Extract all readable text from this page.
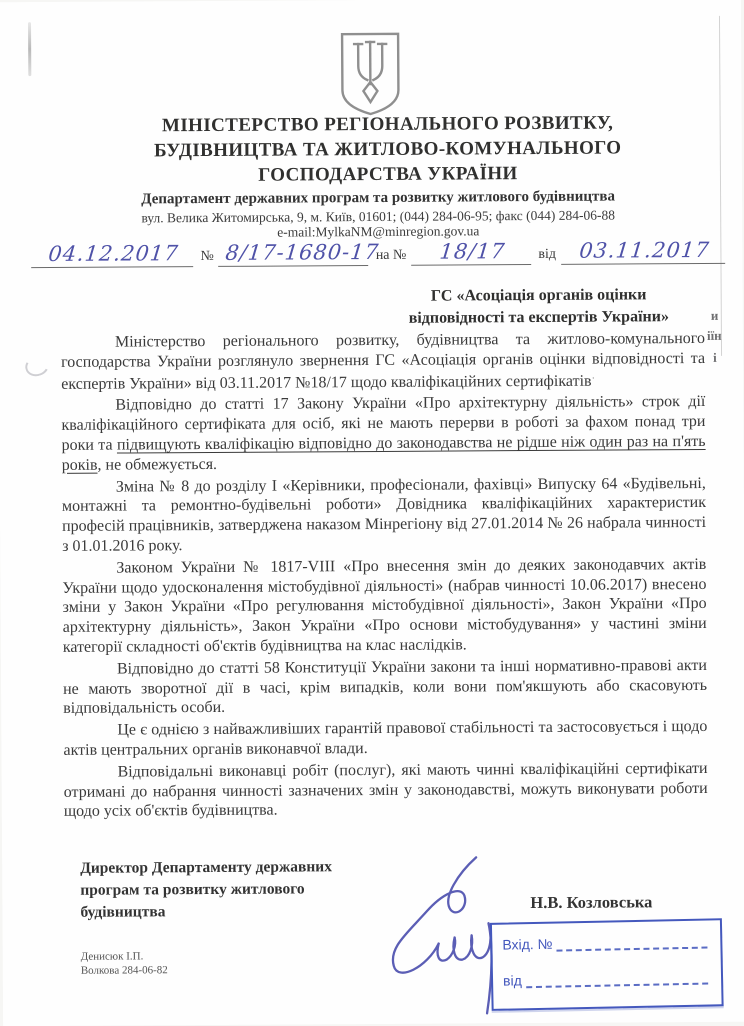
МІНІСТЕРСТВО РЕГІОНАЛЬНОГО РОЗВИТКУ,
БУДІВНИЦТВА ТА ЖИТЛОВО-КОМУНАЛЬНОГО
ГОСПОДАРСТВА УКРАЇНИ
Департамент державних програм та розвитку житлового будівництва
вул. Велика Житомирська, 9, м. Київ, 01601; (044) 284-06-95; факс (044) 284-06-88
e-mail:MylkaNM@minregion.gov.ua
04.12.2017	№ 8/17-1680-17
на №	18/17	від	03.11.2017
ГС «Асоціація органів оцінки
відповідності та експертів України»	и
іїн
і

Міністерство регіонального розвитку, будівництва та житлово-комунального господарства України розглянуло звернення ГС «Асоціація органів оцінки відповідності та експертів України» від 03.11.2017 №18/17 щодо кваліфікаційних сертифікатів·

Відповідно до статті 17 Закону України «Про архітектурну діяльність» строк дії кваліфікаційного сертифіката для осіб, які не мають перерви в роботі за фахом понад три роки та підвищують кваліфікацію відповідно до законодавства не рідше ніж один раз на п'ять років, не обмежується.

Зміна № 8 до розділу І «Керівники, професіонали, фахівці» Випуску 64 «Будівельні, монтажні та ремонтно-будівельні роботи» Довідника кваліфікаційних характеристик професій працівників, затверджена наказом Мінрегіону від 27.01.2014 № 26 набрала чинності з 01.01.2016 року.

Законом України № 1817-VIII «Про внесення змін до деяких законодавчих актів України щодо удосконалення містобудівної діяльності» (набрав чинності 10.06.2017) внесено зміни у Закон України «Про регулювання містобудівної діяльності», Закон України «Про архітектурну діяльність», Закон України «Про основи містобудування» у частині зміни категорії складності об'єктів будівництва на клас наслідків.

Відповідно до статті 58 Конституції України закони та інші нормативно-правові акти не мають зворотної дії в часі, крім випадків, коли вони пом'якшують або скасовують відповідальність особи.

Це є однією з найважливіших гарантій правової стабільності та застосовується і щодо актів центральних органів виконавчої влади.

Відповідальні виконавці робіт (послуг), які мають чинні кваліфікаційні сертифікати отримані до набрання чинності зазначених змін у законодавстві, можуть виконувати роботи щодо усіх об'єктів будівництва.

Директор Департаменту державних
програм та розвитку житлового
будівництва
Денисюк І.П.
Волкова 284-06-82
Н.В. Козловська
Вхід. №
від
